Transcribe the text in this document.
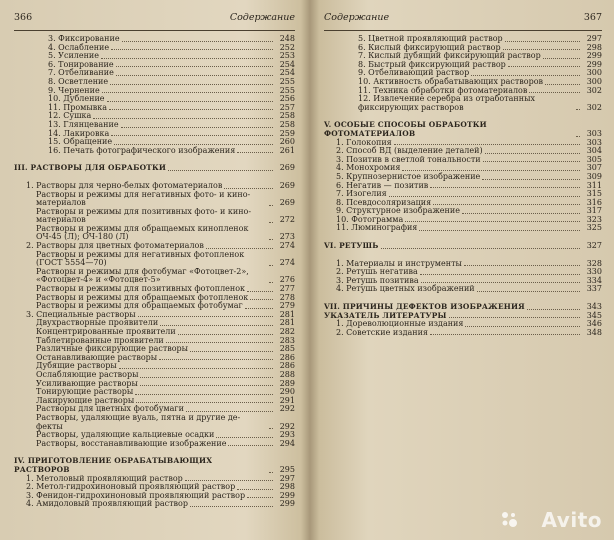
366	Содержание
3. Фиксирование	248
4. Ослабление	252
5. Усиление	253
6. Тонирование	254
7. Отбеливание	254
8. Осветление	255
9. Чернение	255
10. Дубление	256
11. Промывка	257
12. Сушка	258
13. Глянцевание	258
14. Лакировка	259
15. Обращение	260
16. Печать фотографического изображения	261
III. РАСТВОРЫ ДЛЯ ОБРАБОТКИ	269
1. Растворы для черно-белых фотоматериалов	269
Растворы и режимы для негативных фото- и кино-материалов	269
Растворы и режимы для позитивных фото- и кино-материалов	272
Растворы и режимы для обращаемых кинопленок ОЧ-45 (Л); ОЧ-180 (Л)	273
2. Растворы для цветных фотоматериалов	274
Растворы и режимы для негативных фотопленок (ГОСТ 5554—70)	274
Растворы и режимы для фотобумаг «Фотоцвет-2», «Фотоцвет-4» и «Фотоцвет-5»	276
Растворы и режимы для позитивных фотопленок	277
Растворы и режимы для обращаемых фотопленок	278
Растворы и режимы для обращаемых фотобумаг	279
3. Специальные растворы	281
Двухрастворные проявители	281
Концентрированные проявители	282
Таблетированные проявители	283
Различные фиксирующие растворы	285
Останавливающие растворы	286
Дубящие растворы	286
Ослабляющие растворы	288
Усиливающие растворы	289
Тонирующие растворы	290
Лакирующие растворы	291
Растворы для цветных фотобумаги	292
Растворы, удаляющие вуаль, пятна и другие де-фекты	292
Растворы, удаляющие кальциевые осадки	293
Растворы, восстанавливающие изображение	294
IV. ПРИГОТОВЛЕНИЕ ОБРАБАТЫВАЮЩИХ РАСТВОРОВ	295
1. Метоловый проявляющий раствор	297
2. Метол-гидрохиноновый проявляющий раствор	298
3. Фенидон-гидрохиноновый проявляющий раствор	299
4. Амидоловый проявляющий раствор	299
Содержание	367
5. Цветной проявляющий раствор	297
6. Кислый фиксирующий раствор	298
7. Кислый дубящий фиксирующий раствор	299
8. Быстрый фиксирующий раствор	299
9. Отбеливающий раствор	300
10. Активность обрабатывающих растворов	300
11. Техника обработки фотоматериалов	302
12. Извлечение серебра из отработанных фиксирующих растворов	302
V. ОСОБЫЕ СПОСОБЫ ОБРАБОТКИ ФОТОМАТЕРИАЛОВ	303
1. Голокопия	303
2. Способ ВД (выделение деталей)	304
3. Позитив в светлой тональности	305
4. Монохромия	307
5. Крупнозернистое изображение	309
6. Негатив — позитив	311
7. Изогелия	315
8. Псевдосоляризация	316
9. Структурное изображение	317
10. Фотограмма	323
11. Люминография	325
VI. РЕТУШЬ	327
1. Материалы и инструменты	328
2. Ретушь негатива	330
3. Ретушь позитива	334
4. Ретушь цветных изображений	337
VII. ПРИЧИНЫ ДЕФЕКТОВ ИЗОБРАЖЕНИЯ	343
УКАЗАТЕЛЬ ЛИТЕРАТУРЫ	345
1. Дореволюционные издания	346
2. Советские издания	348
Avito
